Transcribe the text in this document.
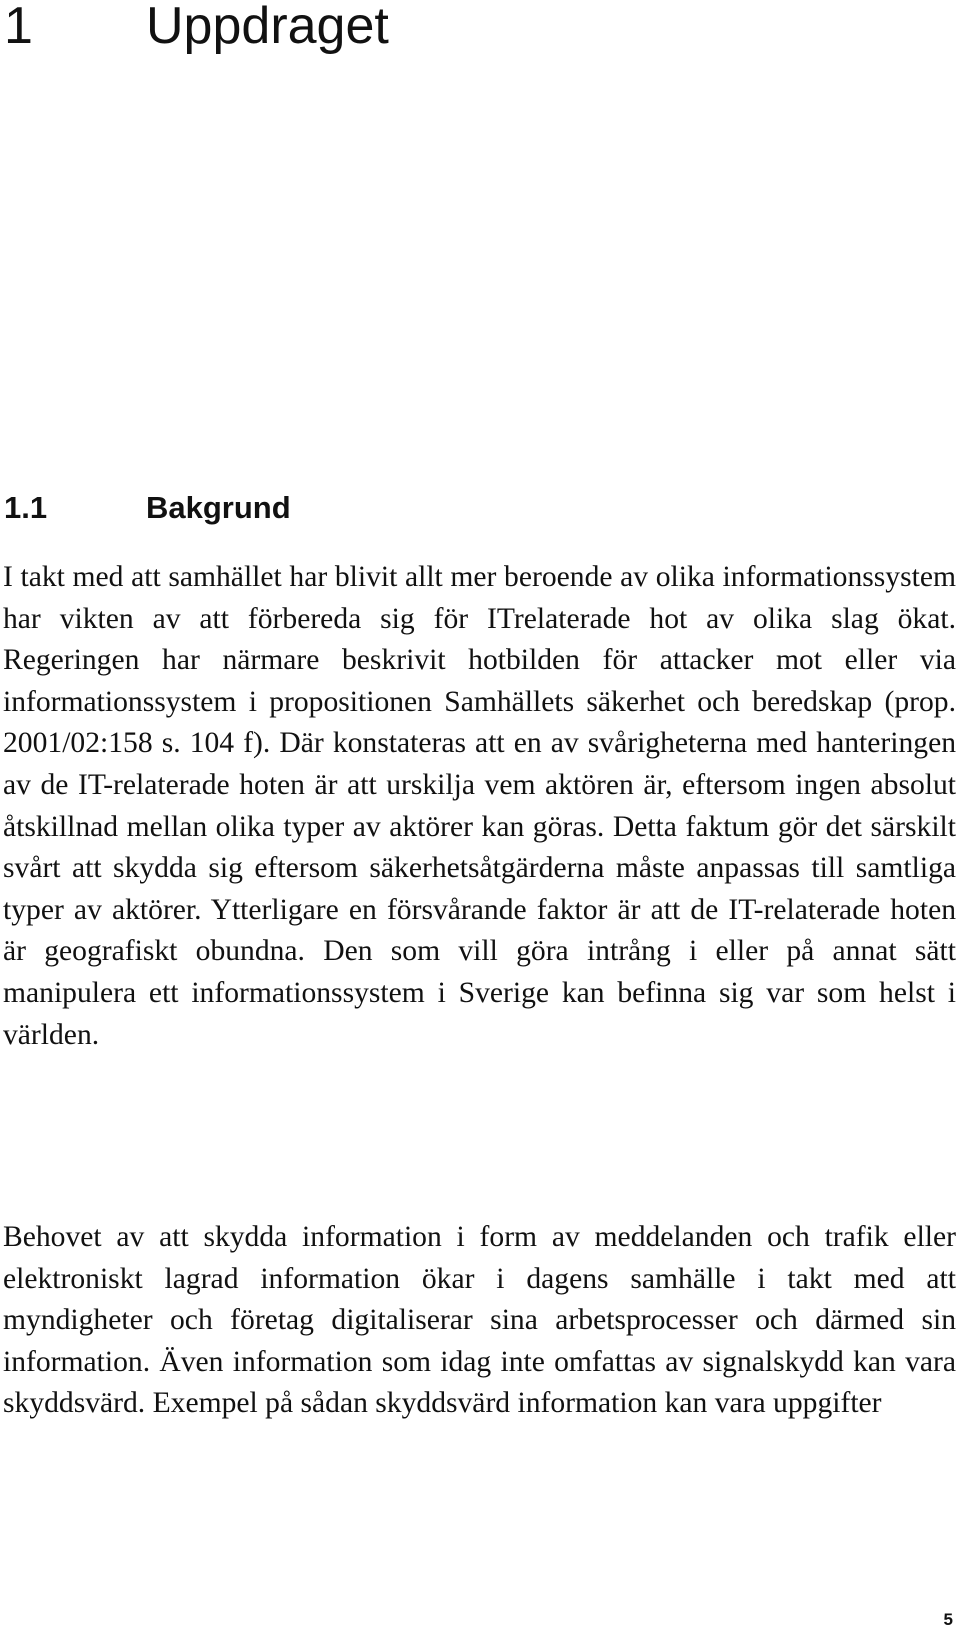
1 Uppdraget
1.1	Bakgrund

I takt med att samhället har blivit allt mer beroende av olika informationssystem har vikten av att förbereda sig för ITrelaterade hot av olika slag ökat. Regeringen har närmare beskrivit hotbilden för attacker mot eller via informationssystem i propositionen Samhällets säkerhet och beredskap (prop. 2001/02:158 s. 104 f). Där konstateras att en av svårigheterna med hanteringen av de IT-relaterade hoten är att urskilja vem aktören är, eftersom ingen absolut åtskillnad mellan olika typer av aktörer kan göras. Detta faktum gör det särskilt svårt att skydda sig eftersom säkerhetsåtgärderna måste anpassas till samtliga typer av aktörer. Ytterligare en försvårande faktor är att de IT-relaterade hoten är geografiskt obundna. Den som vill göra intrång i eller på annat sätt manipulera ett informationssystem i Sverige kan befinna sig var som helst i världen.

Behovet av att skydda information i form av meddelanden och trafik eller elektroniskt lagrad information ökar i dagens samhälle i takt med att myndigheter och företag digitaliserar sina arbetsprocesser och därmed sin information. Även information som idag inte omfattas av signalskydd kan vara skyddsvärd. Exempel på sådan skyddsvärd information kan vara uppgifter

5
